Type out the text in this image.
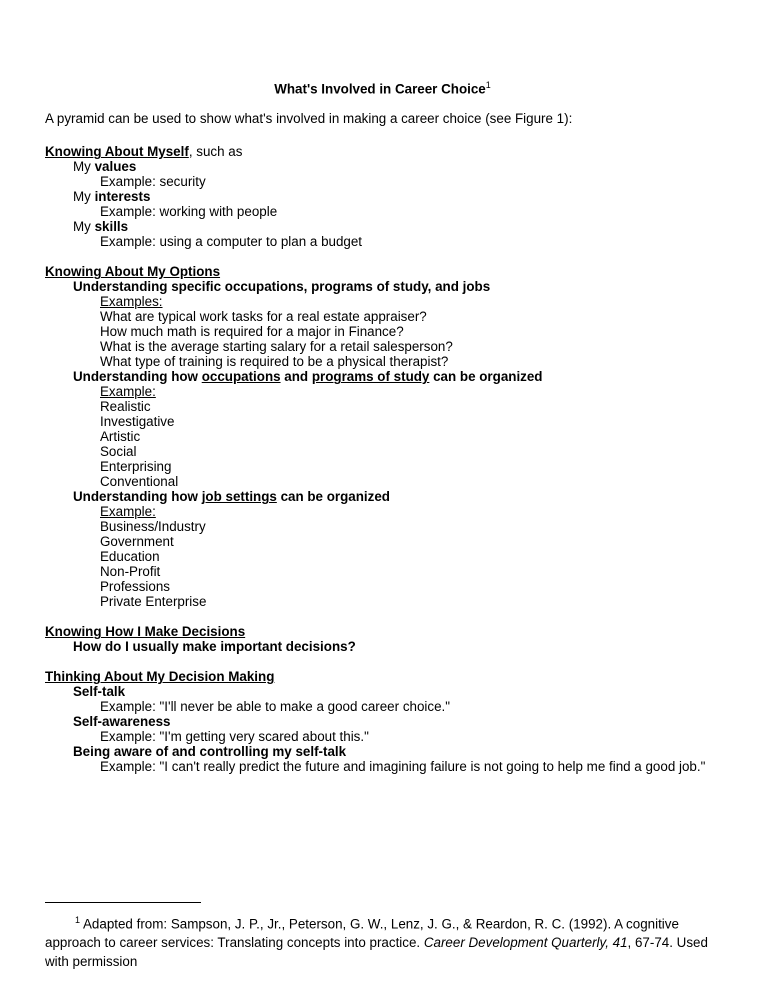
What's Involved in Career Choice$^1$
A pyramid can be used to show what's involved in making a career choice (see Figure 1):
Knowing About Myself, such as
My values
Example: security
My interests
Example: working with people
My skills
Example: using a computer to plan a budget
Knowing About My Options
Understanding specific occupations, programs of study, and jobs
Examples:
What are typical work tasks for a real estate appraiser?
How much math is required for a major in Finance?
What is the average starting salary for a retail salesperson?
What type of training is required to be a physical therapist?
Understanding how occupations and programs of study can be organized
Example:
Realistic
Investigative
Artistic
Social
Enterprising
Conventional
Understanding how job settings can be organized
Example:
Business/Industry
Government
Education
Non-Profit
Professions
Private Enterprise
Knowing How I Make Decisions
How do I usually make important decisions?
Thinking About My Decision Making
Self-talk
Example: "I'll never be able to make a good career choice."
Self-awareness
Example: "I'm getting very scared about this."
Being aware of and controlling my self-talk
Example: "I can't really predict the future and imagining failure is not going to help me find a good job."

$^1$ Adapted from: Sampson, J. P., Jr., Peterson, G. W., Lenz, J. G., & Reardon, R. C. (1992). A cognitive approach to career services: Translating concepts into practice. Career Development Quarterly, 41, 67-74. Used with permission
